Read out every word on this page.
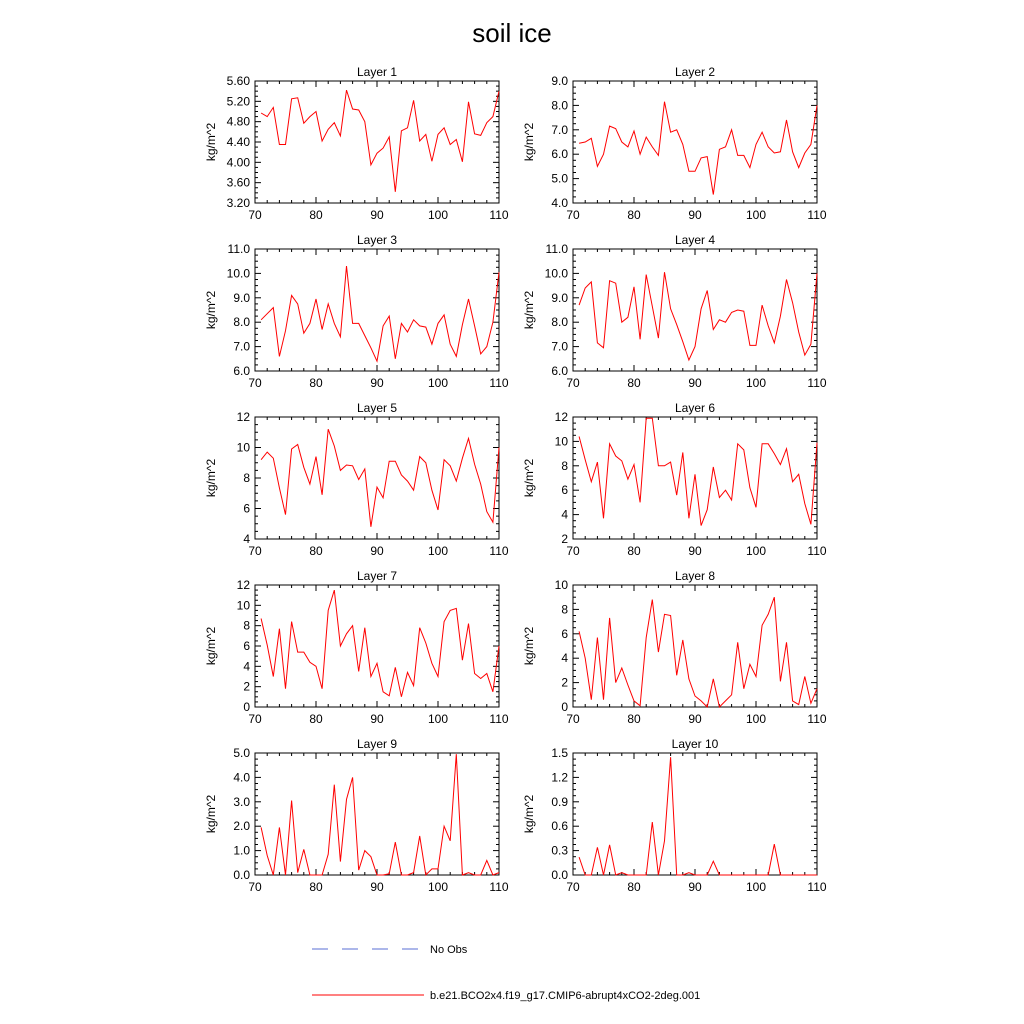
soil ice
Layer 1
70	80	90	100	110
3.20
3.60
4.00
4.40
4.80
5.20
5.60
kg/m^2
Layer 2
70	80	90	100	110
4.0
5.0
6.0
7.0
8.0
9.0
kg/m^2
Layer 3
70	80	90	100	110
6.0
7.0
8.0
9.0
10.0
11.0
kg/m^2
Layer 4
70	80	90	100	110
6.0
7.0
8.0
9.0
10.0
11.0
kg/m^2
Layer 5
70	80	90	100	110
4
6
8
10
12
kg/m^2
Layer 6
70	80	90	100	110
2
4
6
8
10
12
kg/m^2
Layer 7
70	80	90	100	110
0
2
4
6
8
10
12
kg/m^2
Layer 8
70	80	90	100	110
0
2
4
6
8
10
kg/m^2
Layer 9
70	80	90	100	110
0.0
1.0
2.0
3.0
4.0
5.0
kg/m^2
Layer 10
70	80	90	100	110
0.0
0.3
0.6
0.9
1.2
1.5
kg/m^2
No Obs
b.e21.BCO2x4.f19_g17.CMIP6-abrupt4xCO2-2deg.001
